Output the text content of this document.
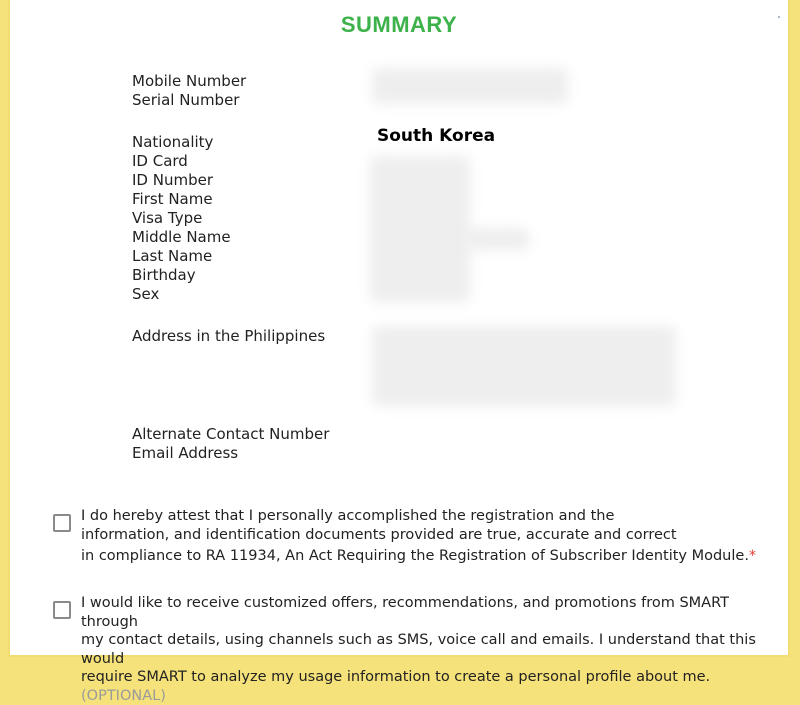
SUMMARY
Mobile Number
Serial Number
Nationality
ID Card
ID Number
First Name
Visa Type
Middle Name
Last Name
Birthday
Sex
South Korea
Address in the Philippines
Alternate Contact Number
Email Address
I do hereby attest that I personally accomplished the registration and the
information, and identification documents provided are true, accurate and correct
in compliance to RA 11934, An Act Requiring the Registration of Subscriber Identity Module.*
I would like to receive customized offers, recommendations, and promotions from SMART through
my contact details, using channels such as SMS, voice call and emails. I understand that this would
require SMART to analyze my usage information to create a personal profile about me. (OPTIONAL)
